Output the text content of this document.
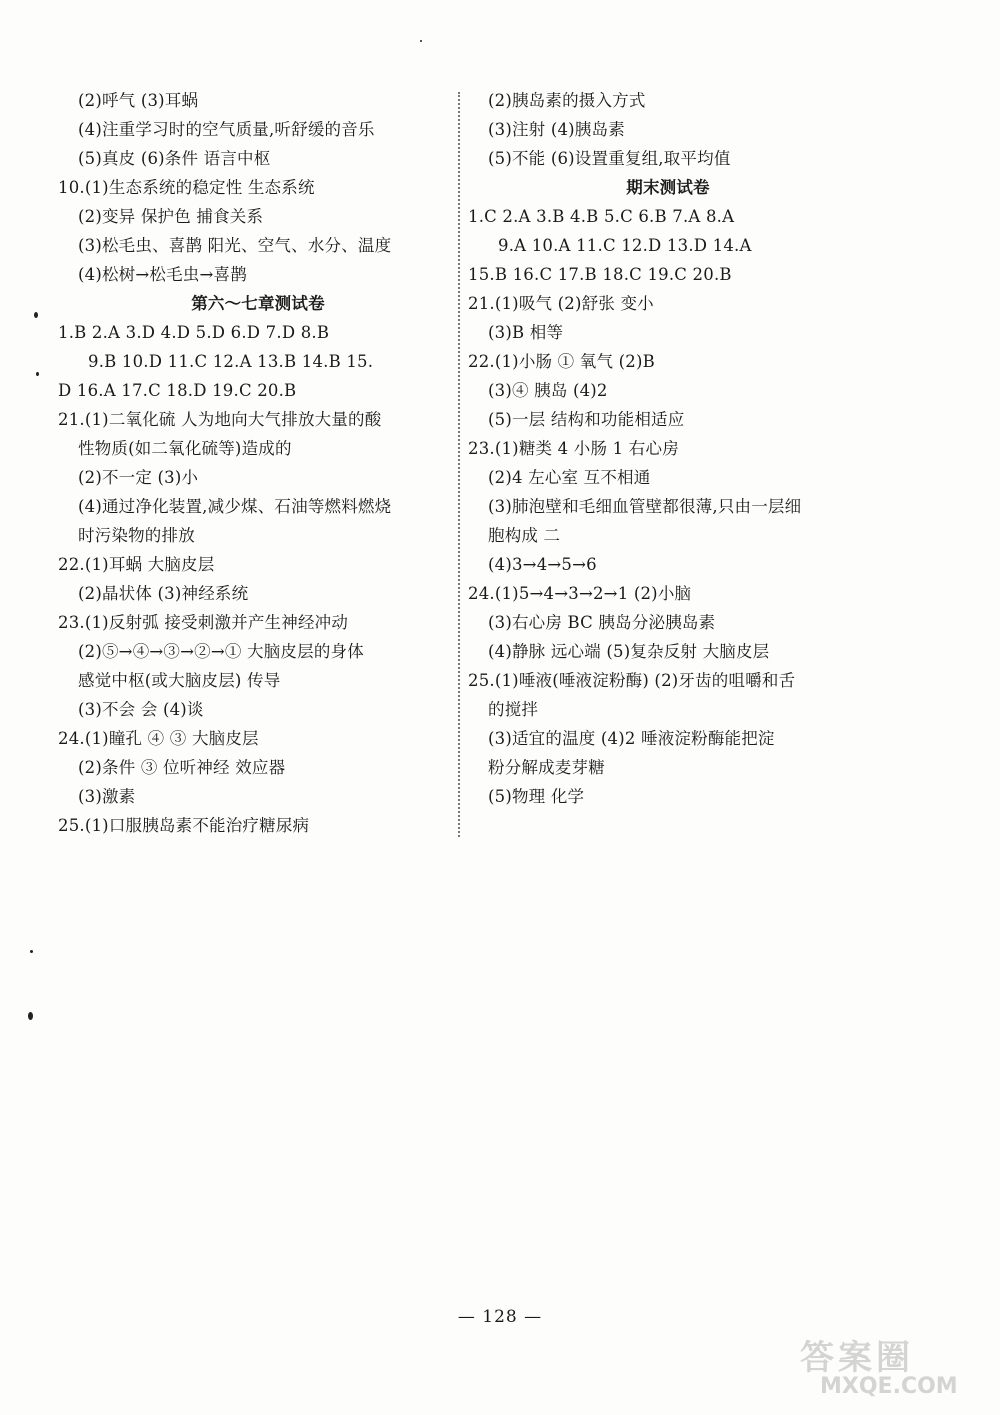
(2)呼气 (3)耳蜗
(4)注重学习时的空气质量,听舒缓的音乐
(5)真皮 (6)条件 语言中枢
10.(1)生态系统的稳定性 生态系统
(2)变异 保护色 捕食关系
(3)松毛虫、喜鹊 阳光、空气、水分、温度
(4)松树→松毛虫→喜鹊
第六～七章测试卷
1.B 2.A 3.D 4.D 5.D 6.D 7.D 8.B
9.B 10.D 11.C 12.A 13.B 14.B 15.
D 16.A 17.C 18.D 19.C 20.B
21.(1)二氧化硫 人为地向大气排放大量的酸
性物质(如二氧化硫等)造成的
(2)不一定 (3)小
(4)通过净化装置,减少煤、石油等燃料燃烧
时污染物的排放
22.(1)耳蜗 大脑皮层
(2)晶状体 (3)神经系统
23.(1)反射弧 接受刺激并产生神经冲动
(2)⑤→④→③→②→① 大脑皮层的身体
感觉中枢(或大脑皮层) 传导
(3)不会 会 (4)谈
24.(1)瞳孔 ④ ③ 大脑皮层
(2)条件 ③ 位听神经 效应器
(3)激素
25.(1)口服胰岛素不能治疗糖尿病
(2)胰岛素的摄入方式
(3)注射 (4)胰岛素
(5)不能 (6)设置重复组,取平均值
期末测试卷
1.C 2.A 3.B 4.B 5.C 6.B 7.A 8.A
9.A 10.A 11.C 12.D 13.D 14.A
15.B 16.C 17.B 18.C 19.C 20.B
21.(1)吸气 (2)舒张 变小
(3)B 相等
22.(1)小肠 ① 氧气 (2)B
(3)④ 胰岛 (4)2
(5)一层 结构和功能相适应
23.(1)糖类 4 小肠 1 右心房
(2)4 左心室 互不相通
(3)肺泡壁和毛细血管壁都很薄,只由一层细
胞构成 二
(4)3→4→5→6
24.(1)5→4→3→2→1 (2)小脑
(3)右心房 BC 胰岛分泌胰岛素
(4)静脉 远心端 (5)复杂反射 大脑皮层
25.(1)唾液(唾液淀粉酶) (2)牙齿的咀嚼和舌
的搅拌
(3)适宜的温度 (4)2 唾液淀粉酶能把淀
粉分解成麦芽糖
(5)物理 化学
— 128 —
答案圈
MXQE.COM
